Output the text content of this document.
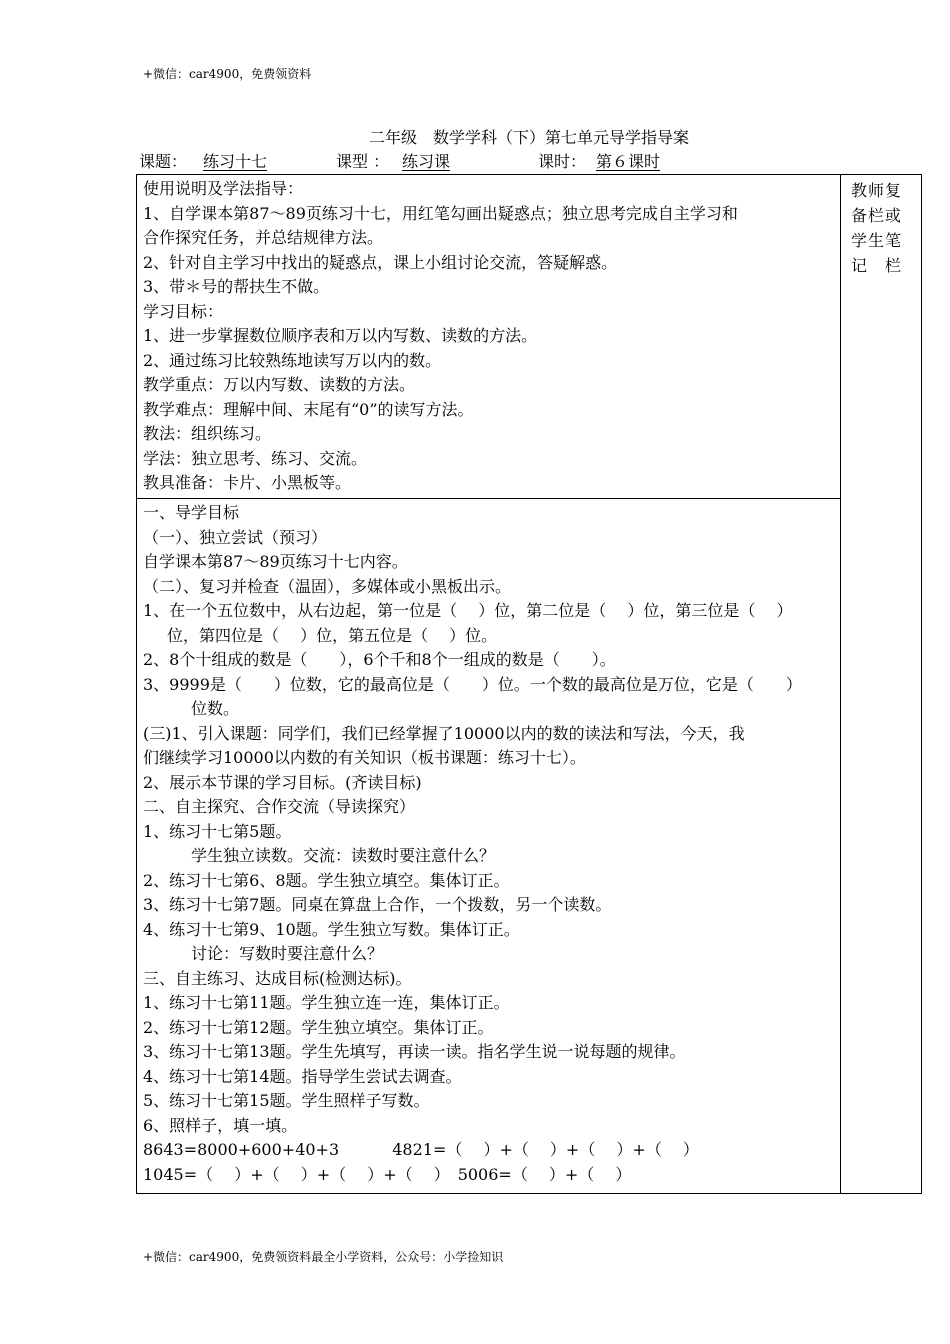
+微信：car4900，免费领资料
二年级　数学学科（下）第七单元导学指导案
课题： 练习十七	课型 ： 练习课	课时： 第６课时
教师复
备栏或
学生笔
记　栏
使用说明及学法指导：
1、自学课本第87～89页练习十七，用红笔勾画出疑惑点；独立思考完成自主学习和
合作探究任务，并总结规律方法。
2、针对自主学习中找出的疑惑点，课上小组讨论交流，答疑解惑。
3、带＊号的帮扶生不做。
学习目标：
1、进一步掌握数位顺序表和万以内写数、读数的方法。
2、通过练习比较熟练地读写万以内的数。
教学重点：万以内写数、读数的方法。
教学难点：理解中间、末尾有“0”的读写方法。
教法：组织练习。
学法：独立思考、练习、交流。
教具准备：卡片、小黑板等。
一、导学目标
（一）、独立尝试（预习）
自学课本第87～89页练习十七内容。
（二）、复习并检查（温固），多媒体或小黑板出示。
1、在一个五位数中，从右边起，第一位是（　 ）位，第二位是（　 ）位，第三位是（　 ）
位，第四位是（　 ）位，第五位是（　 ）位。
2、8个十组成的数是（　　），6个千和8个一组成的数是（　　）。
3、9999是（　　）位数，它的最高位是（　　）位。一个数的最高位是万位，它是（　　）
位数。
(三)1、引入课题：同学们，我们已经掌握了10000以内的数的读法和写法，今天，我
们继续学习10000以内数的有关知识（板书课题：练习十七）。
2、展示本节课的学习目标。(齐读目标)
二、自主探究、合作交流（导读探究）
1、练习十七第5题。
学生独立读数。交流：读数时要注意什么？
2、练习十七第6、8题。学生独立填空。集体订正。
3、练习十七第7题。同桌在算盘上合作，一个拨数，另一个读数。
4、练习十七第9、10题。学生独立写数。集体订正。
讨论：写数时要注意什么？
三、自主练习、达成目标(检测达标)。
1、练习十七第11题。学生独立连一连，集体订正。
2、练习十七第12题。学生独立填空。集体订正。
3、练习十七第13题。学生先填写，再读一读。指名学生说一说每题的规律。
4、练习十七第14题。指导学生尝试去调查。
5、练习十七第15题。学生照样子写数。
6、照样子，填一填。
8643=8000+600+40+3　　　 4821=（　 ）+（　 ）+（　 ）+（　 ）
1045=（　 ）+（　 ）+（　 ）+（　 ）　5006=（　 ）+（　 ）
+微信：car4900，免费领资料最全小学资料，公众号：小学捡知识
